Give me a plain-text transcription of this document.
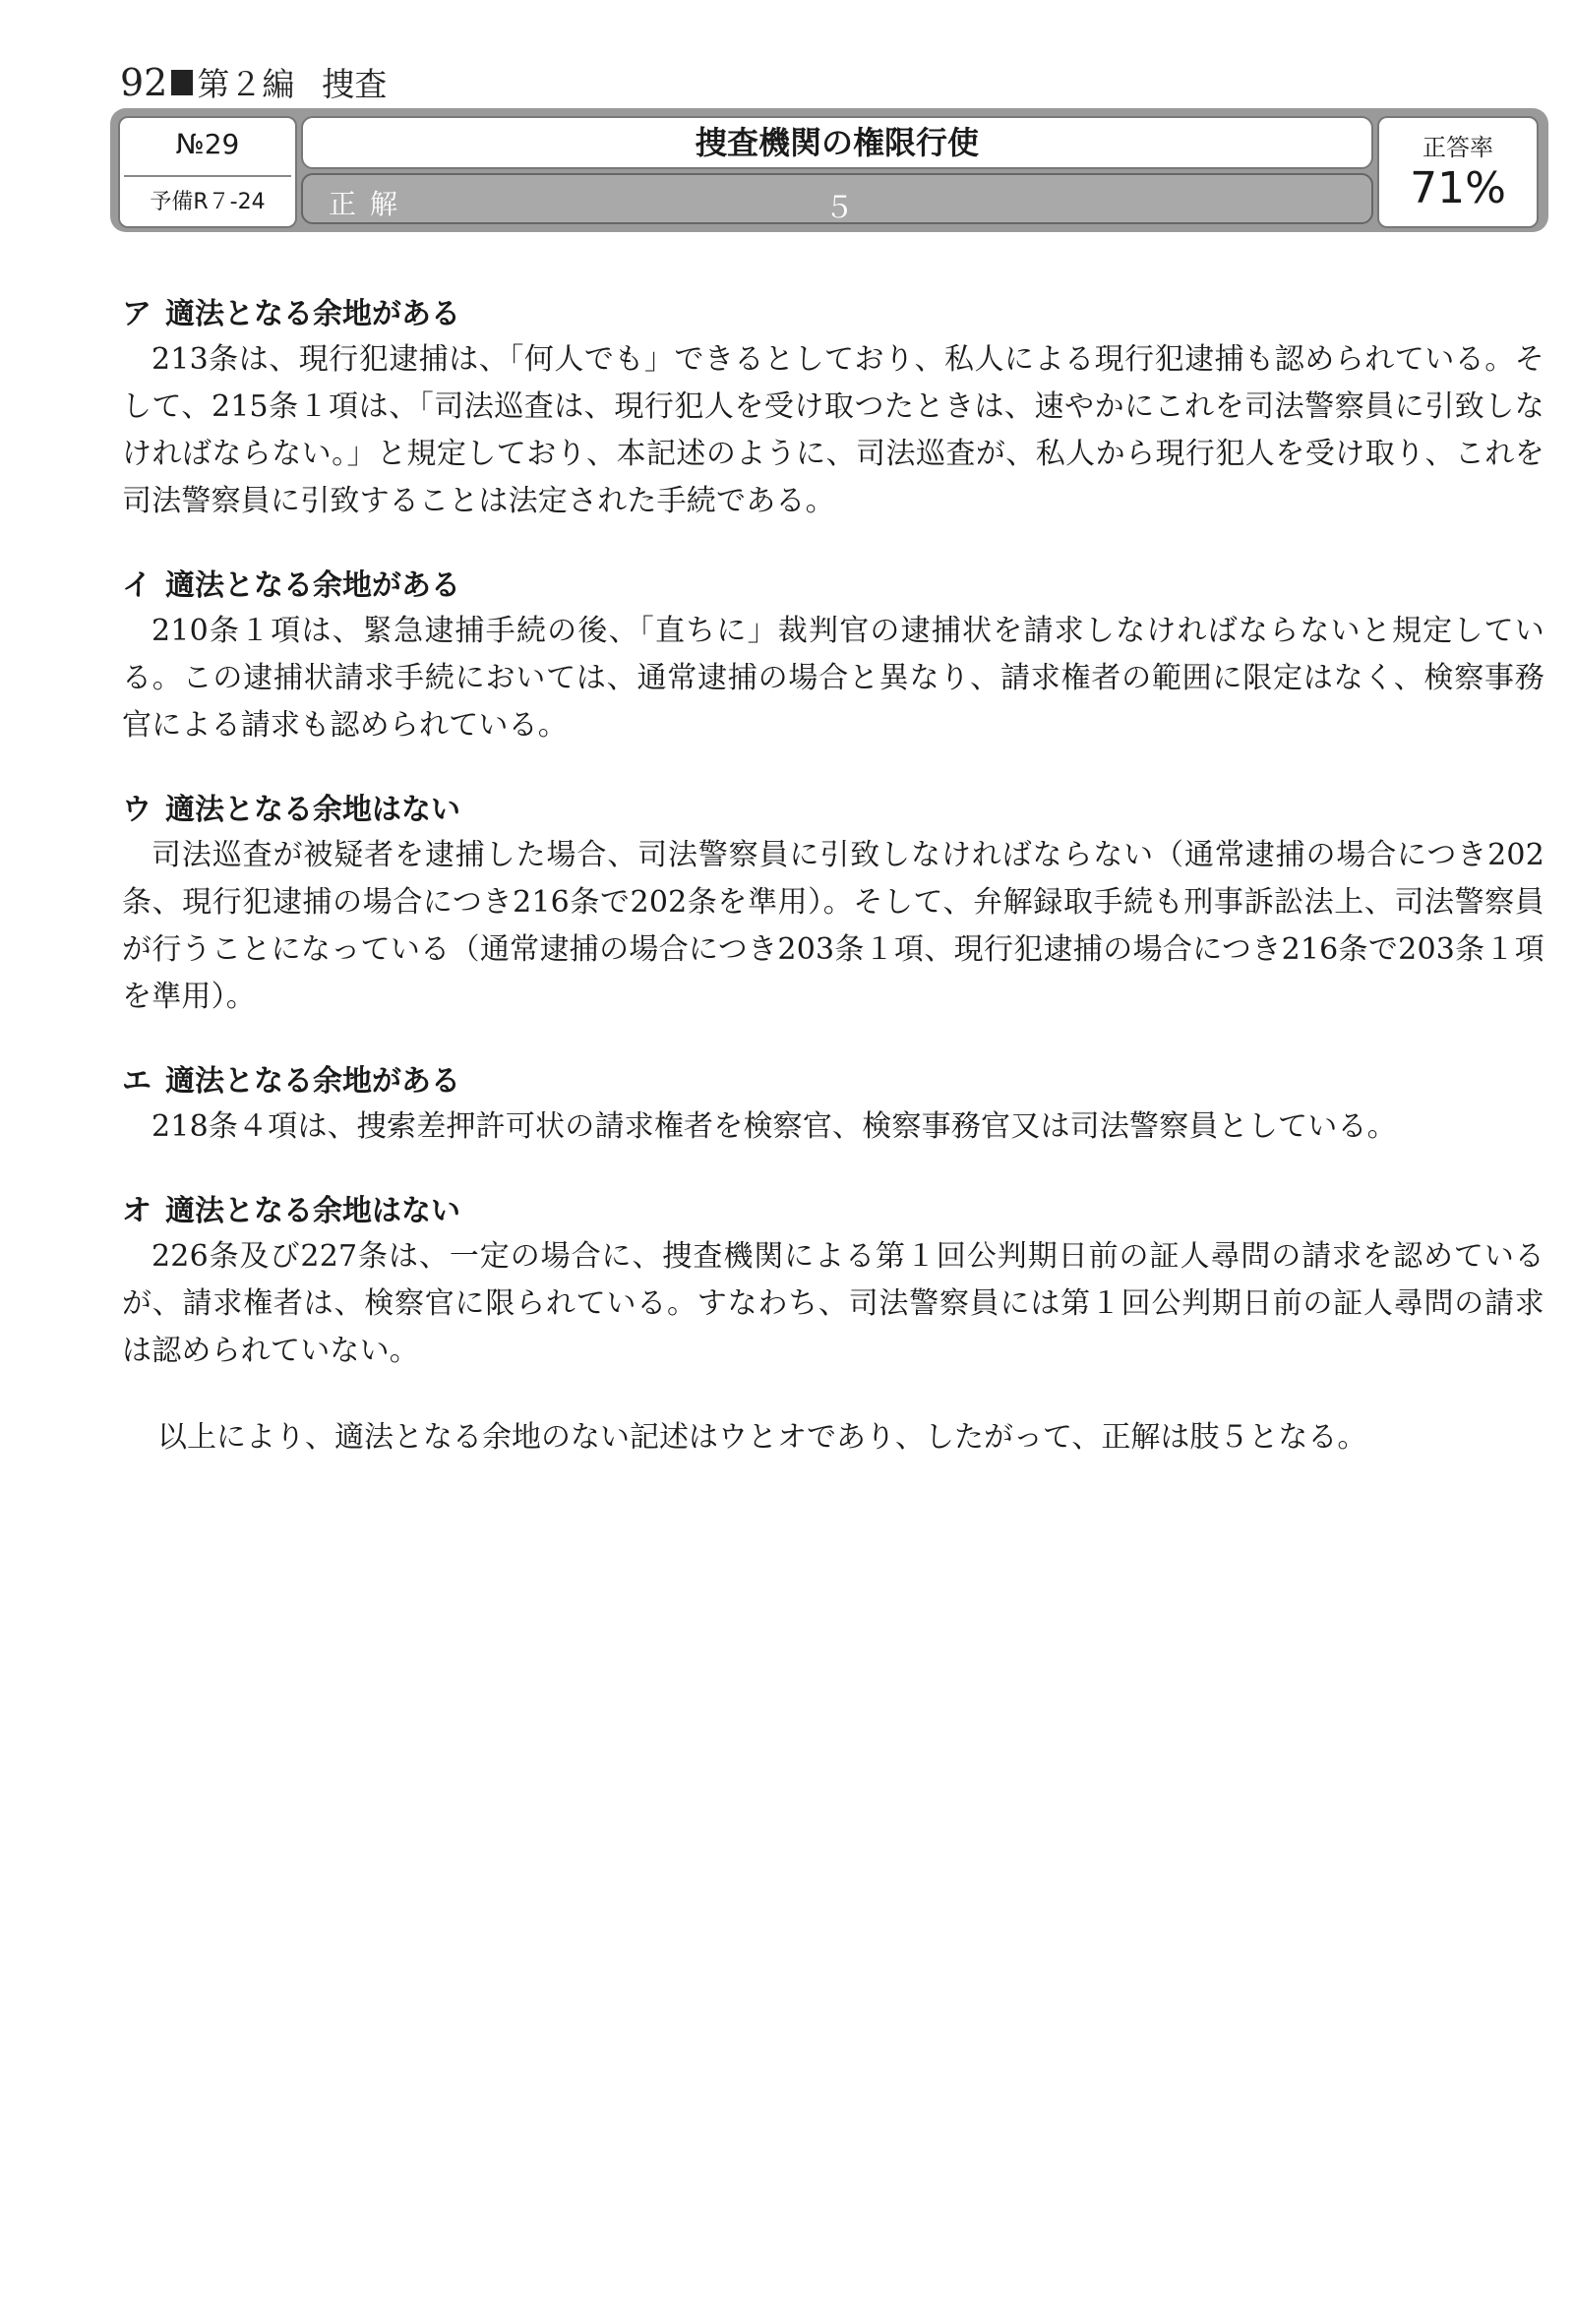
92 第２編 捜査
№29
予備R７-24
捜査機関の権限行使
正解	５
正答率
71%
ア 適法となる余地がある

213条は、現行犯逮捕は、「何人でも」できるとしており、私人による現行犯逮捕も認められている。そして、215条１項は、「司法巡査は、現行犯人を受け取つたときは、速やかにこれを司法警察員に引致しなければならない。」と規定しており、本記述のように、司法巡査が、私人から現行犯人を受け取り、これを司法警察員に引致することは法定された手続である。

イ 適法となる余地がある

210条１項は、緊急逮捕手続の後、「直ちに」裁判官の逮捕状を請求しなければならないと規定している。この逮捕状請求手続においては、通常逮捕の場合と異なり、請求権者の範囲に限定はなく、検察事務官による請求も認められている。

ウ 適法となる余地はない

司法巡査が被疑者を逮捕した場合、司法警察員に引致しなければならない（通常逮捕の場合につき202条、現行犯逮捕の場合につき216条で202条を準用）。そして、弁解録取手続も刑事訴訟法上、司法警察員が行うことになっている（通常逮捕の場合につき203条１項、現行犯逮捕の場合につき216条で203条１項を準用）。

エ 適法となる余地がある

218条４項は、捜索差押許可状の請求権者を検察官、検察事務官又は司法警察員としている。

オ 適法となる余地はない

226条及び227条は、一定の場合に、捜査機関による第１回公判期日前の証人尋問の請求を認めているが、請求権者は、検察官に限られている。すなわち、司法警察員には第１回公判期日前の証人尋問の請求は認められていない。

以上により、適法となる余地のない記述はウとオであり、したがって、正解は肢５となる。
